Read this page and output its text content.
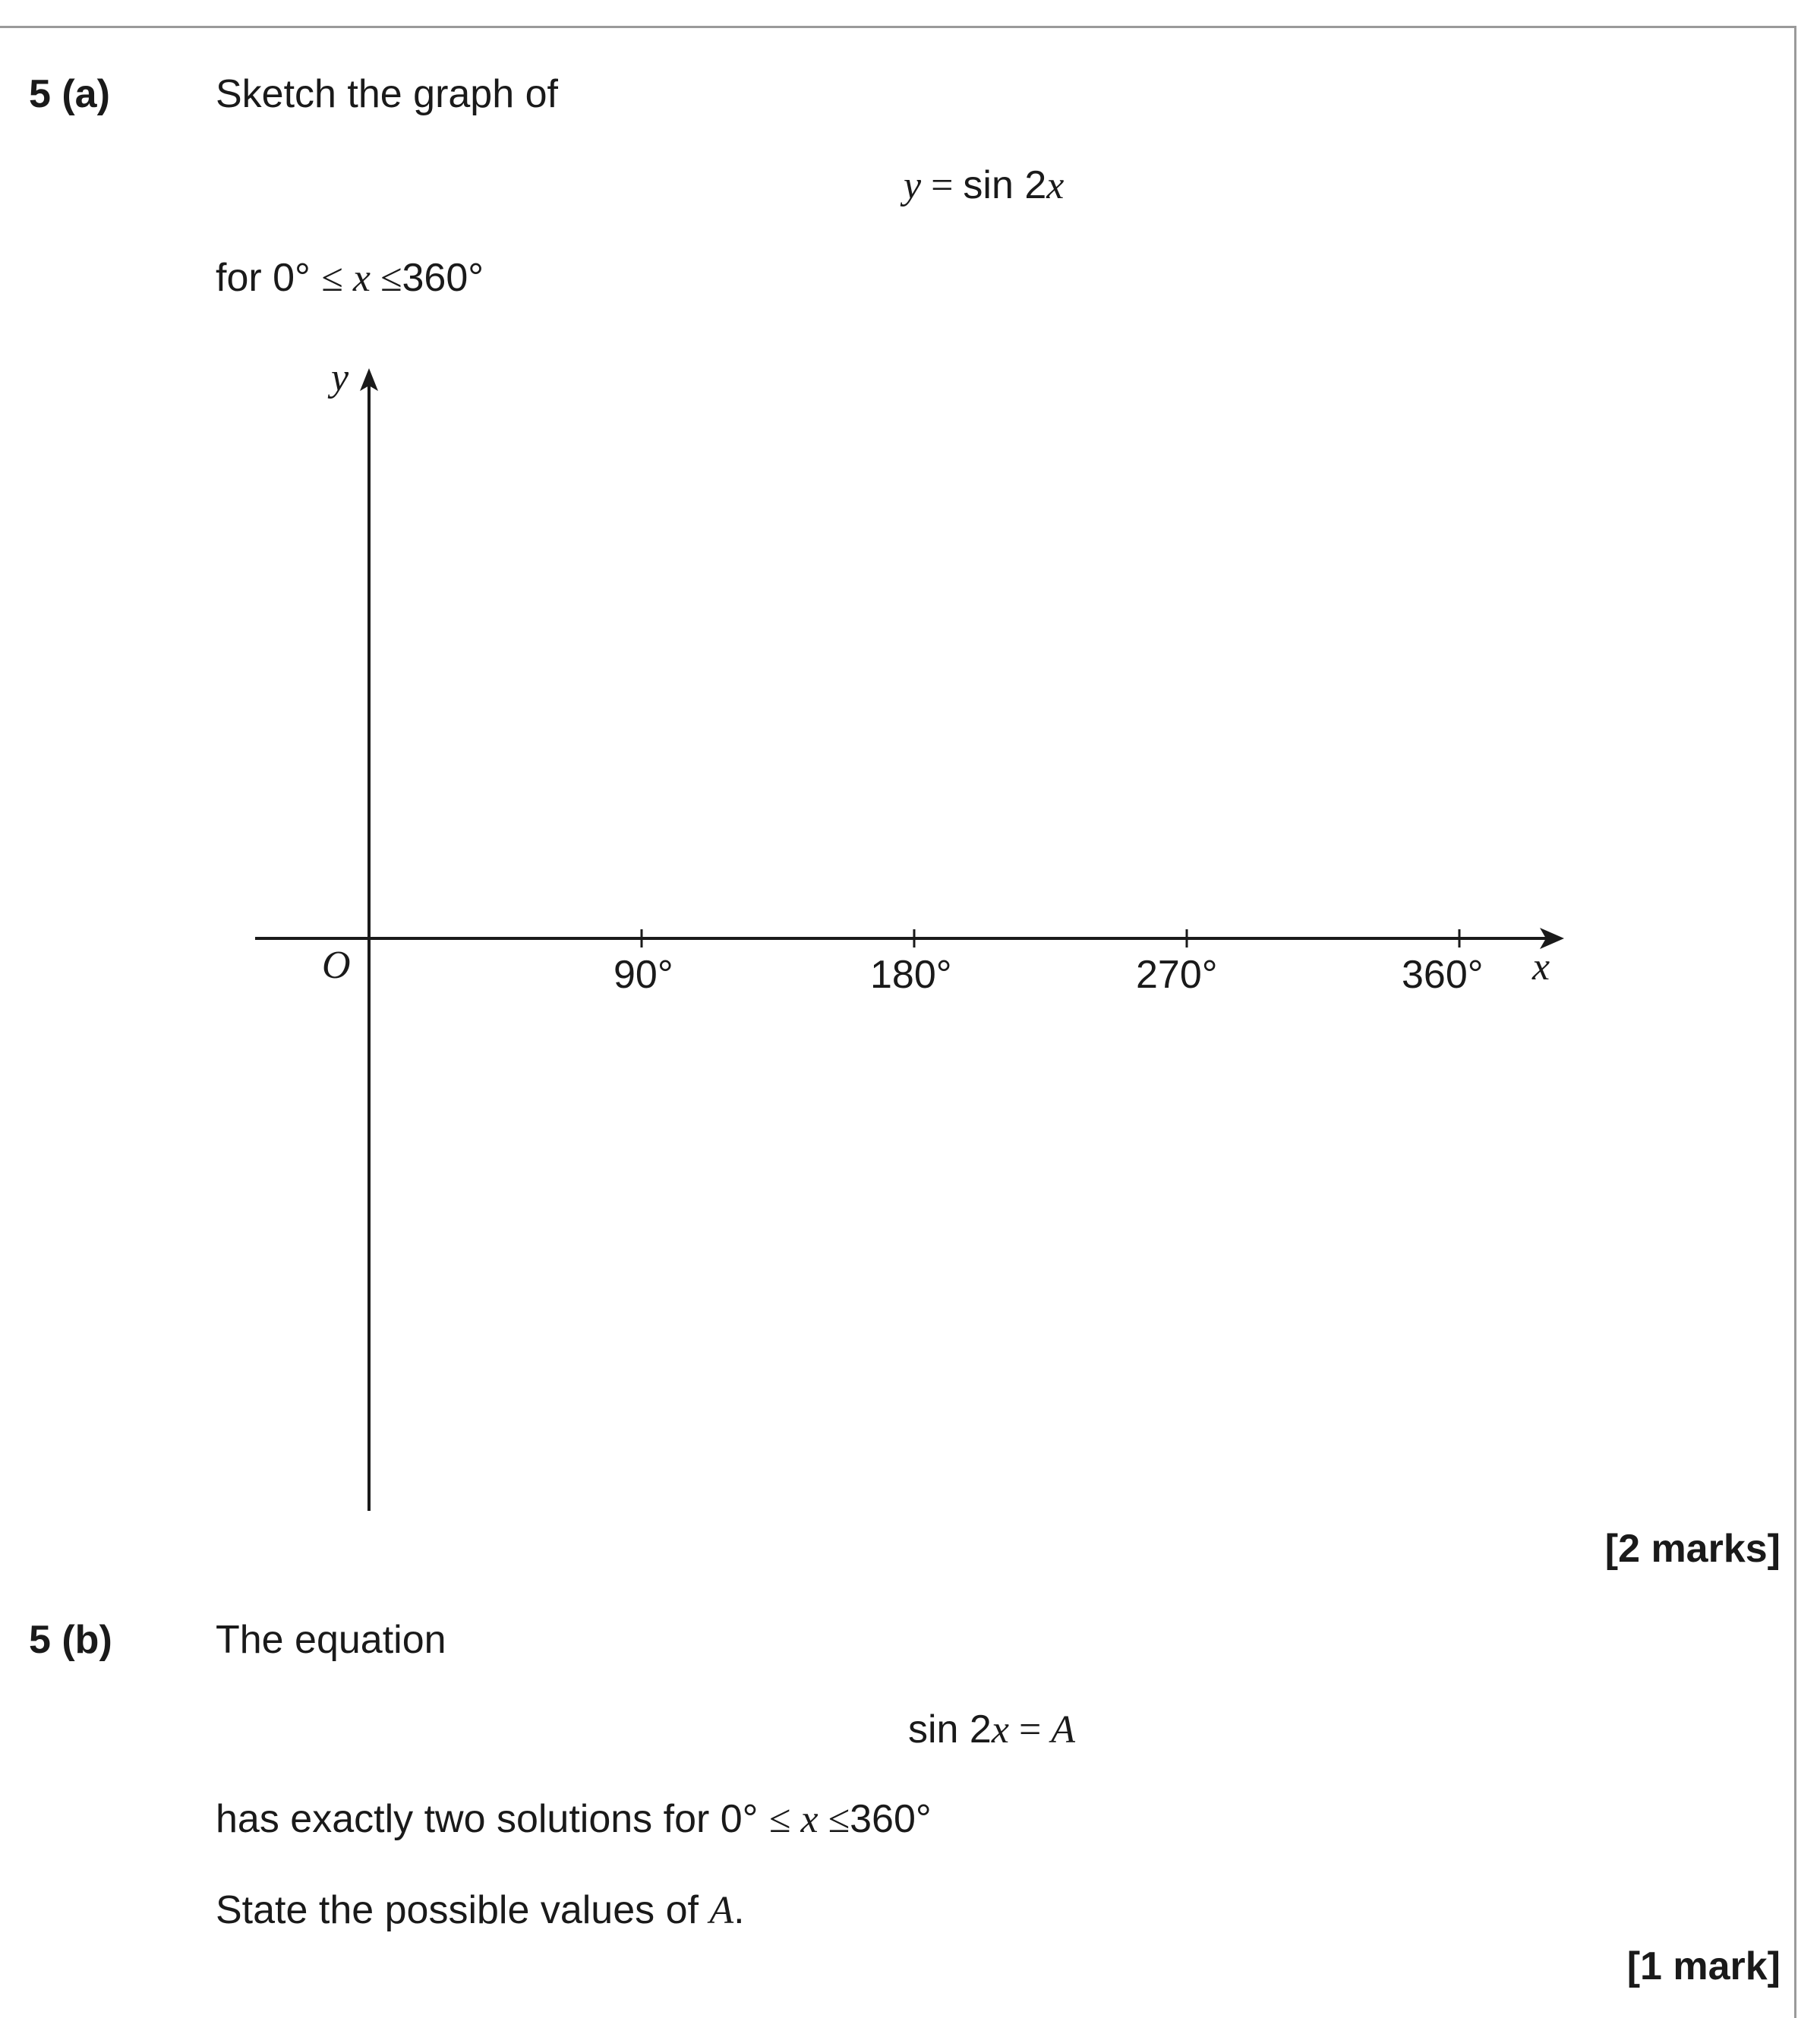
5 (a)	Sketch the graph of
y = sin 2x
for 0° ≤ x ≤360°
y
x
O	90°	180°	270°	360°
[2 marks]
5 (b)	The equation
sin 2x = A
has exactly two solutions for 0° ≤ x ≤360°
State the possible values of A.
[1 mark]
